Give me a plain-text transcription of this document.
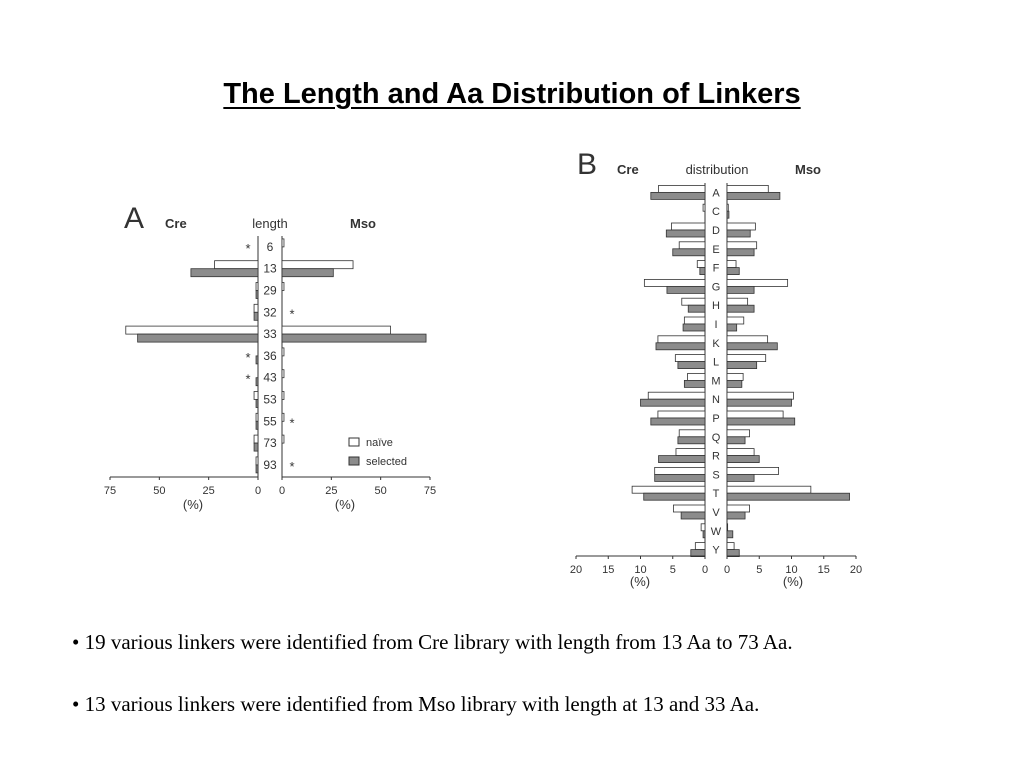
The Length and Aa Distribution of Linkers
A Cre	length	Mso
6
*
13
29
32 *
33
36
*
43
*
53
55 *
73
93 *
75	50	25	0 0	25	50	75
(%)	(%)
naïve
selected
B Cre	distribution	Mso
A
C
D
E
F
G
H
I
K
L
M
N
P
Q
R
S
T
V
W
Y
20 15 10 5 0 0 5 10 15 20
(%)	(%)
• 19 various linkers were identified from Cre library with length from 13 Aa to 73 Aa.
• 13 various linkers were identified from Mso library with length at 13 and 33 Aa.
